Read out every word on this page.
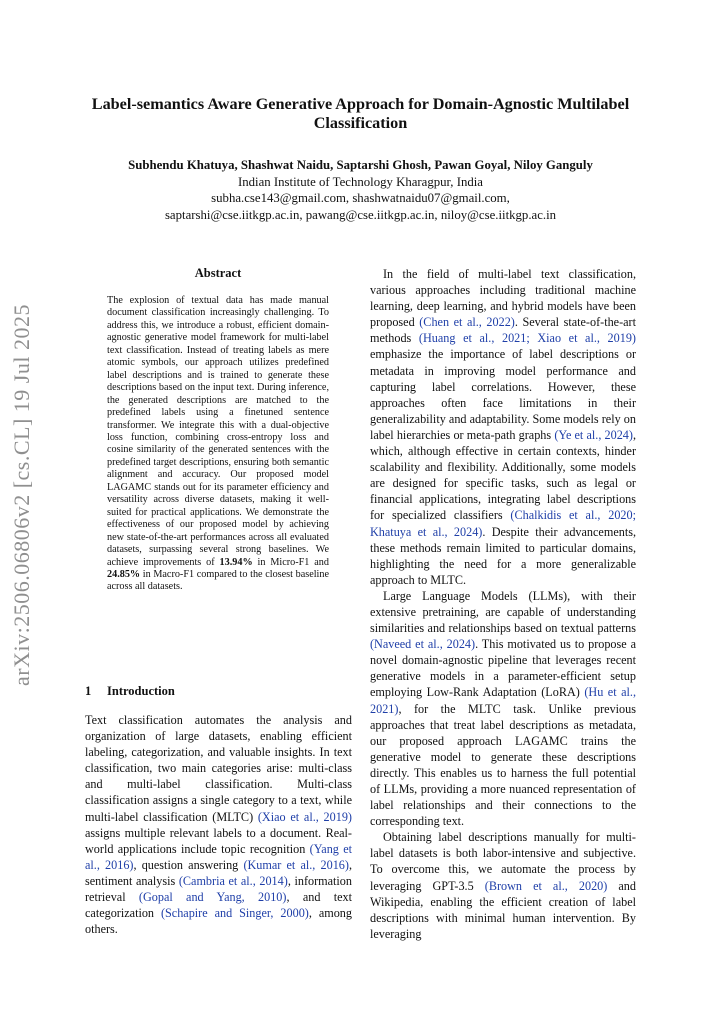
arXiv:2506.06806v2 [cs.CL] 19 Jul 2025
Label-semantics Aware Generative Approach for Domain-Agnostic Multilabel Classification
Subhendu Khatuya, Shashwat Naidu, Saptarshi Ghosh, Pawan Goyal, Niloy Ganguly
Indian Institute of Technology Kharagpur, India
subha.cse143@gmail.com, shashwatnaidu07@gmail.com,
saptarshi@cse.iitkgp.ac.in, pawang@cse.iitkgp.ac.in, niloy@cse.iitkgp.ac.in
Abstract
The explosion of textual data has made manual document classification increasingly challenging. To address this, we introduce a robust, efficient domain-agnostic generative model framework for multi-label text classification. Instead of treating labels as mere atomic symbols, our approach utilizes predefined label descriptions and is trained to generate these descriptions based on the input text. During inference, the generated descriptions are matched to the predefined labels using a finetuned sentence transformer. We integrate this with a dual-objective loss function, combining cross-entropy loss and cosine similarity of the generated sentences with the predefined target descriptions, ensuring both semantic alignment and accuracy. Our proposed model LAGAMC stands out for its parameter efficiency and versatility across diverse datasets, making it well-suited for practical applications. We demonstrate the effectiveness of our proposed model by achieving new state-of-the-art performances across all evaluated datasets, surpassing several strong baselines. We achieve improvements of 13.94% in Micro-F1 and 24.85% in Macro-F1 compared to the closest baseline across all datasets.
1 Introduction

Text classification automates the analysis and organization of large datasets, enabling efficient labeling, categorization, and valuable insights. In text classification, two main categories arise: multi-class and multi-label classification. Multi-class classification assigns a single category to a text, while multi-label classification (MLTC) (Xiao et al., 2019) assigns multiple relevant labels to a document. Real-world applications include topic recognition (Yang et al., 2016), question answering (Kumar et al., 2016), sentiment analysis (Cambria et al., 2014), information retrieval (Gopal and Yang, 2010), and text categorization (Schapire and Singer, 2000), among others.

In the field of multi-label text classification, various approaches including traditional machine learning, deep learning, and hybrid models have been proposed (Chen et al., 2022). Several state-of-the-art methods (Huang et al., 2021; Xiao et al., 2019) emphasize the importance of label descriptions or metadata in improving model performance and capturing label correlations. However, these approaches often face limitations in their generalizability and adaptability. Some models rely on label hierarchies or meta-path graphs (Ye et al., 2024), which, although effective in certain contexts, hinder scalability and flexibility. Additionally, some models are designed for specific tasks, such as legal or financial applications, integrating label descriptions for specialized classifiers (Chalkidis et al., 2020; Khatuya et al., 2024). Despite their advancements, these methods remain limited to particular domains, highlighting the need for a more generalizable approach to MLTC.

Large Language Models (LLMs), with their extensive pretraining, are capable of understanding similarities and relationships based on textual patterns (Naveed et al., 2024). This motivated us to propose a novel domain-agnostic pipeline that leverages recent generative models in a parameter-efficient setup employing Low-Rank Adaptation (LoRA) (Hu et al., 2021), for the MLTC task. Unlike previous approaches that treat label descriptions as metadata, our proposed approach LAGAMC trains the generative model to generate these descriptions directly. This enables us to harness the full potential of LLMs, providing a more nuanced representation of label relationships and their connections to the corresponding text.

Obtaining label descriptions manually for multi-label datasets is both labor-intensive and subjective. To overcome this, we automate the process by leveraging GPT-3.5 (Brown et al., 2020) and Wikipedia, enabling the efficient creation of label descriptions with minimal human intervention. By leveraging
